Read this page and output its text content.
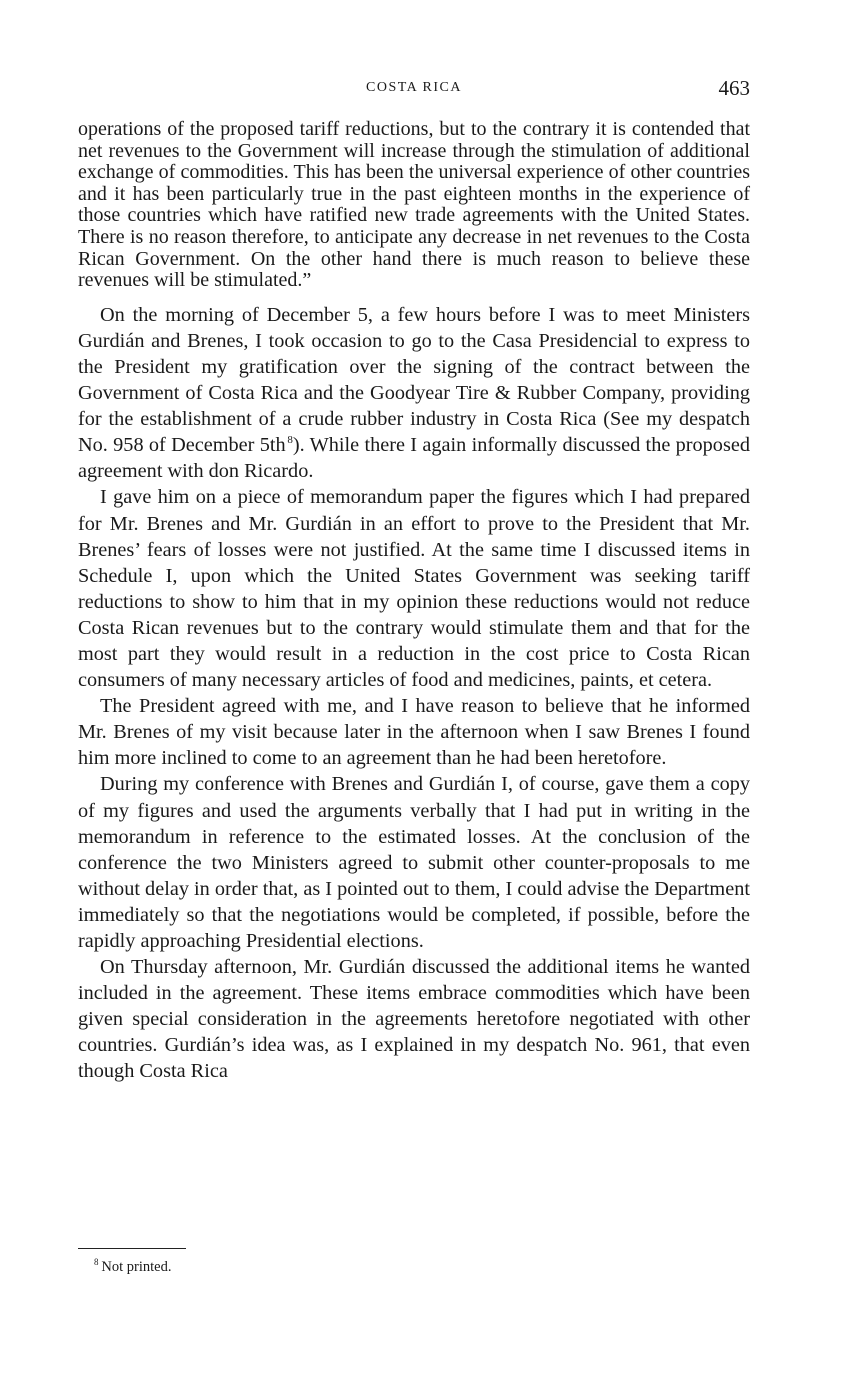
COSTA RICA	463

operations of the proposed tariff reductions, but to the contrary it is contended that net revenues to the Government will increase through the stimulation of additional exchange of commodities. This has been the universal experience of other countries and it has been particularly true in the past eighteen months in the experience of those countries which have ratified new trade agreements with the United States. There is no reason therefore, to anticipate any decrease in net revenues to the Costa Rican Government. On the other hand there is much reason to believe these revenues will be stimulated.”

On the morning of December 5, a few hours before I was to meet Ministers Gurdián and Brenes, I took occasion to go to the Casa Presidencial to express to the President my gratification over the signing of the contract between the Government of Costa Rica and the Goodyear Tire & Rubber Company, providing for the establishment of a crude rubber industry in Costa Rica (See my despatch No. 958 of December 5th  $^8$). While there I again informally discussed the proposed agreement with don Ricardo.

I gave him on a piece of memorandum paper the figures which I had prepared for Mr. Brenes and Mr. Gurdián in an effort to prove to the President that Mr. Brenes’ fears of losses were not justified. At the same time I discussed items in Schedule I, upon which the United States Government was seeking tariff reductions to show to him that in my opinion these reductions would not reduce Costa Rican revenues but to the contrary would stimulate them and that for the most part they would result in a reduction in the cost price to Costa Rican consumers of many necessary articles of food and medicines, paints, et cetera.

The President agreed with me, and I have reason to believe that he informed Mr. Brenes of my visit because later in the afternoon when I saw Brenes I found him more inclined to come to an agreement than he had been heretofore.

During my conference with Brenes and Gurdián I, of course, gave them a copy of my figures and used the arguments verbally that I had put in writing in the memorandum in reference to the estimated losses. At the conclusion of the conference the two Ministers agreed to submit other counter-proposals to me without delay in order that, as I pointed out to them, I could advise the Department immediately so that the negotiations would be completed, if possible, before the rapidly approaching Presidential elections.

On Thursday afternoon, Mr. Gurdián discussed the additional items he wanted included in the agreement. These items embrace commodities which have been given special consideration in the agreements heretofore negotiated with other countries. Gurdián’s idea was, as I explained in my despatch No. 961, that even though Costa Rica

$^8$  Not printed.
